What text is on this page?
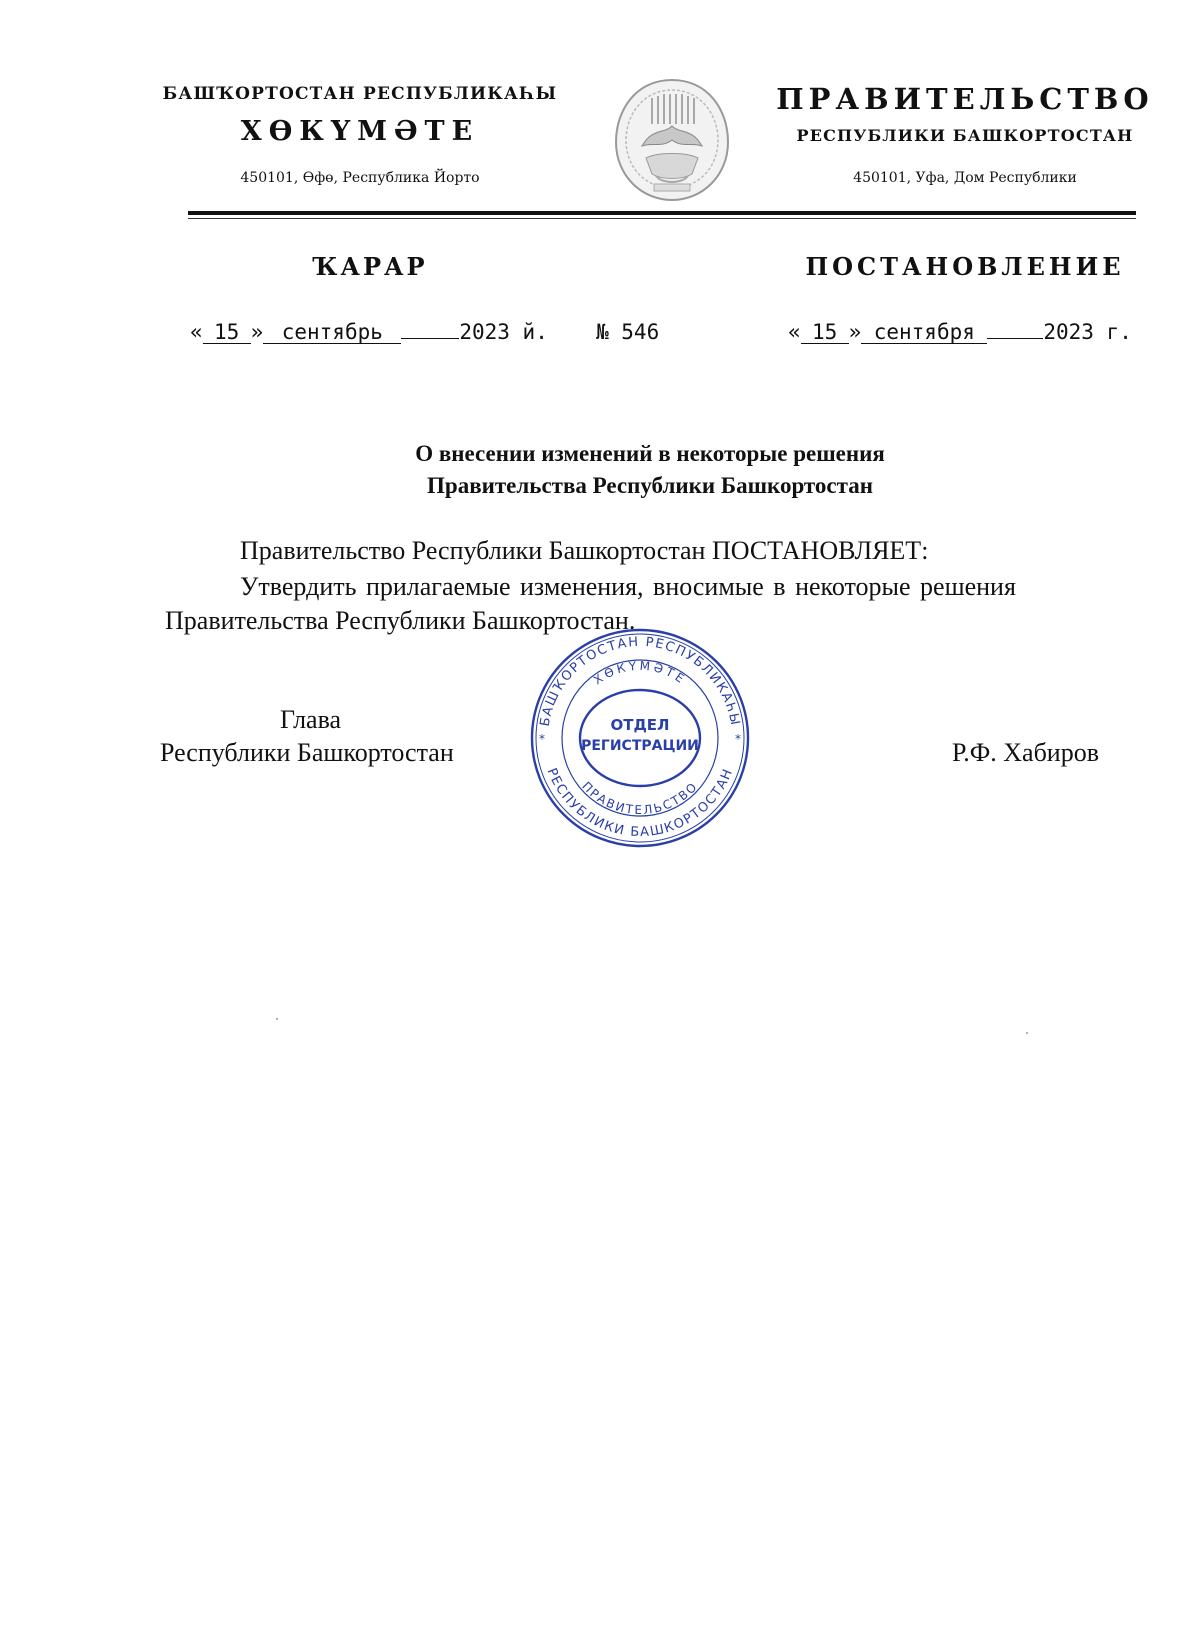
БАШҠОРТОСТАН РЕСПУБЛИКАҺЫ
ХӨКҮМӘТЕ
450101, Өфө, Республика Йорто
ПРАВИТЕЛЬСТВО
РЕСПУБЛИКИ БАШКОРТОСТАН
450101, Уфа, Дом Республики
ҠАРАР	ПОСТАНОВЛЕНИЕ
« 15 » сентябрь	2023  й. № 546	« 15 » сентября	2023  г.
О внесении изменений в некоторые решения
Правительства Республики Башкортостан
Правительство Республики Башкортостан ПОСТАНОВЛЯЕТ:
Утвердить прилагаемые изменения, вносимые в некоторые решения
Правительства Республики Башкортостан.
Глава
Республики Башкортостан	Р.Ф. Хабиров
БАШҠОРТОСТАН РЕСПУБЛИКАҺЫ
РЕСПУБЛИКИ БАШКОРТОСТАН
ХӨКҮМӘТЕ
ПРАВИТЕЛЬСТВО
ОТДЕЛ
РЕГИСТРАЦИИ
*	*
